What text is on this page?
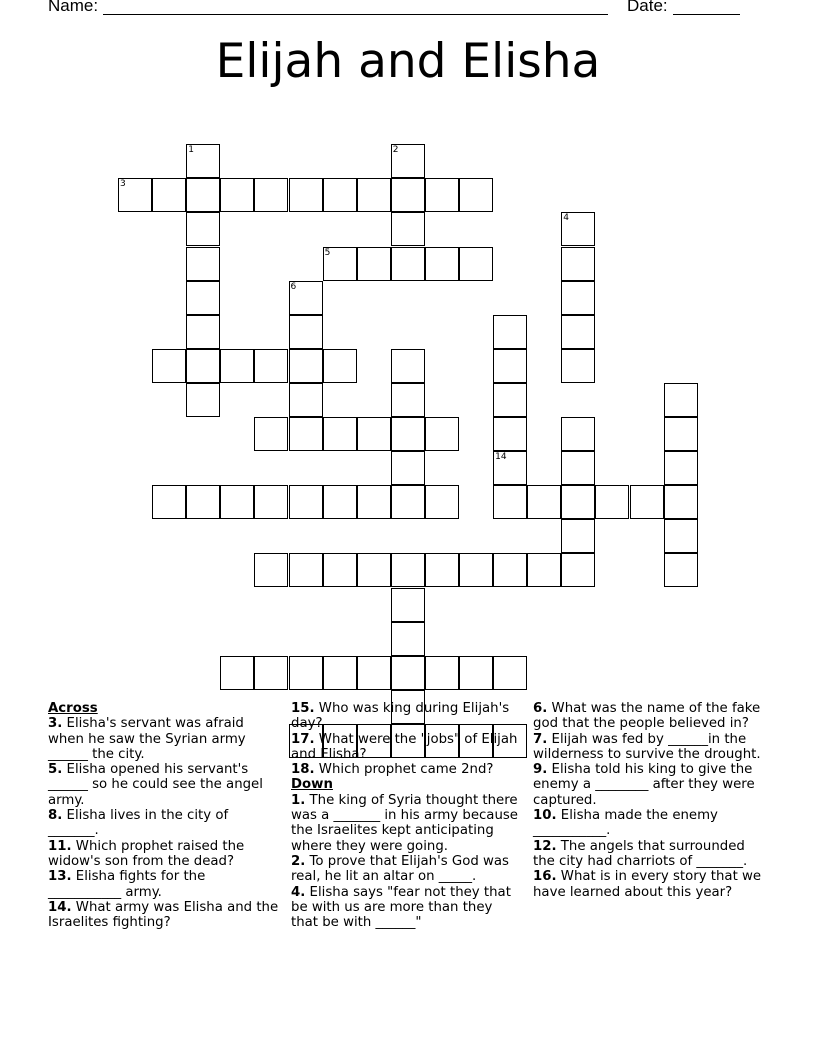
Name:	Date:
Elijah and Elisha
3
1	2
4
5
6
14
Across
3. Elisha's servant was afraid when he saw the Syrian army ______ the city.
5. Elisha opened his servant's ______ so he could see the angel army.
8. Elisha lives in the city of _______.
11. Which prophet raised the widow's son from the dead?
13. Elisha fights for the ___________ army.
14. What army was Elisha and the Israelites fighting?
15. Who was king during Elijah's day?
17. What were the "jobs" of Elijah and Elisha?
18. Which prophet came 2nd?
Down
1. The king of Syria thought there was a _______ in his army because the Israelites kept anticipating where they were going.
2. To prove that Elijah's God was real, he lit an altar on _____.
4. Elisha says "fear not they that be with us are more than they that be with ______"
6. What was the name of the fake god that the people believed in?
7. Elijah was fed by ______in the wilderness to survive the drought.
9. Elisha told his king to give the enemy a ________ after they were captured.
10. Elisha made the enemy ___________.
12. The angels that surrounded the city had charriots of _______.
16. What is in every story that we have learned about this year?
